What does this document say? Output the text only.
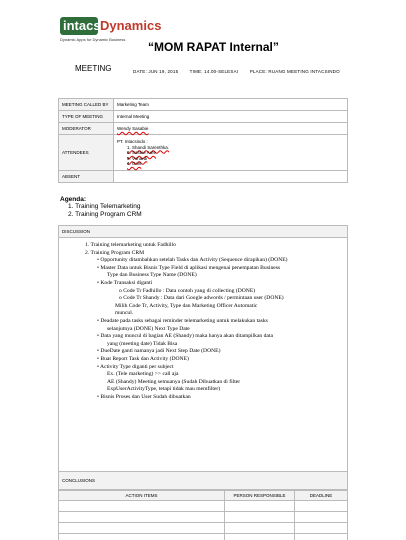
intacs Dynamics
Dynamic Apps for Dynamic Business
“MOM RAPAT Internal”
MEETING	DATE: JUN 19, 2015	TIME: 14.00-SELESAI	PLACE: RUANG MEETING INTACSINDO
MEETING CALLED BY	Marketing Team
TYPE OF MEETING	Internal Meeting
MODERATOR	Wendy Sasabie
ATTENDEES	PT. Intacsindo :
1. Shandi Sarenthka.
2. Sasbie Aufe
3. Vonardi
4. Oniit

ABSENT	
Agenda:
1. Training Telemarketing
2. Training Program CRM
DISCUSSION
1. Training telemarketing untuk Fadhillo
2. Training Program CRM
• Opportunity ditambahkan setelah Tasks dan Activity (Sequence dirapikan) (DONE)
• Master Data untuk Bisnis Type Field di aplikasi mengenai penempatan Business
Type dan Business Type Name (DONE)
• Kode Transaksi diganti
o Code Tr Fadhillo : Data contoh yang di collecting (DONE)
o Code Tr Shandy : Data dari Google adwords / permintaan user (DONE)
Milih Code Tr, Activity, Type dan Marketing Officer Automatic
muncul.
• Deadate pada tasks sebagai reminder telemarketing untuk melakukan tasks
selanjutnya (DONE) Next Type Date
• Data yang muncul di bagian AE (Shandy) maka hanya akan ditampilkan data
yang (meeting date) Tidak Bisa
• DueDate ganti namanya jadi Next Step Date (DONE)
• Buat Report Task dan Activity (DONE)
• Activity Type diganti per subject
Ex. (Tele marketing) >> call aja
AE (Shandy) Meeting semuanya (Sudah Dibuatkan di filter
ExpUserActivityType, tetapi tidak mau memfilter)
• Bisnis Proses dan User Sudah dibuatkan
CONCLUSIONS
ACTION ITEMS	PERSON RESPONSIBLE	DEADLINE
